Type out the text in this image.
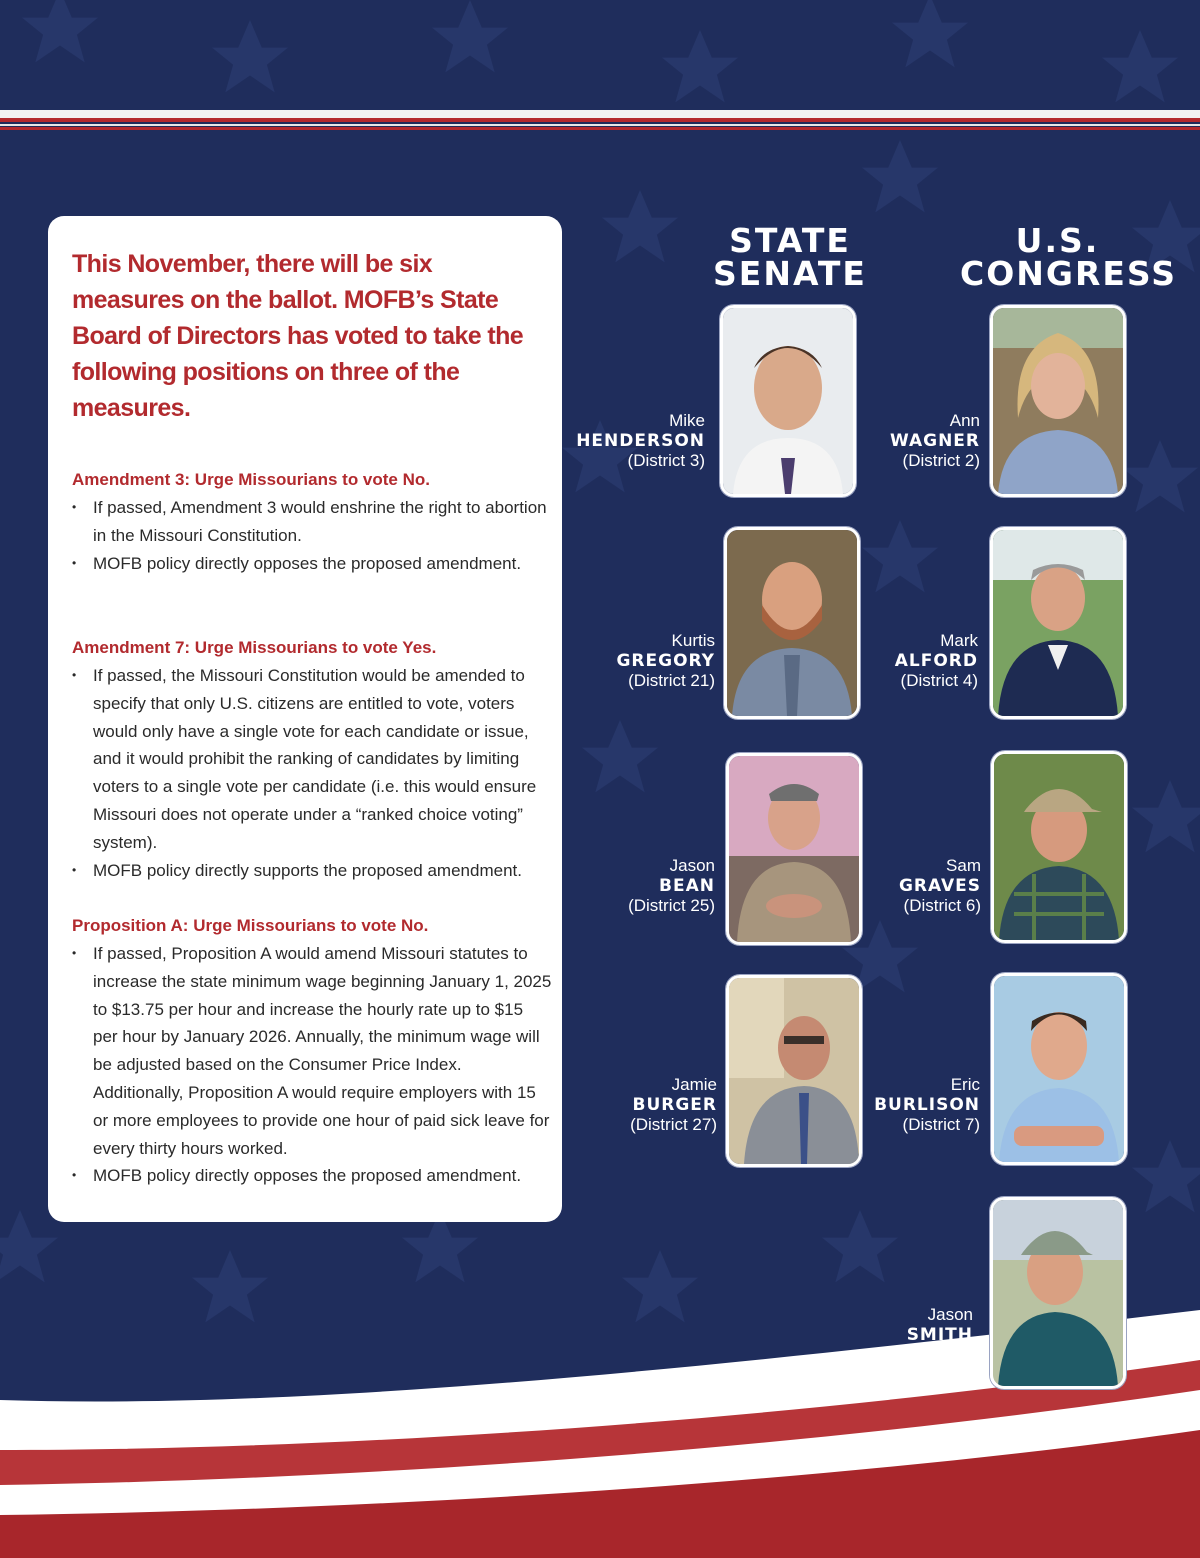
This November, there will be six measures on the ballot. MOFB’s State Board of Directors has voted to take the following positions on three of the measures.

Amendment 3: Urge Missourians to vote No.
• If passed, Amendment 3 would enshrine the right to abortion in the Missouri Constitution.
• MOFB policy directly opposes the proposed amendment.
Amendment 7: Urge Missourians to vote Yes.
• If passed, the Missouri Constitution would be amended to specify that only U.S. citizens are entitled to vote, voters would only have a single vote for each candidate or issue, and it would prohibit the ranking of candidates by limiting voters to a single vote per candidate (i.e. this would ensure Missouri does not operate under a “ranked choice voting” system).
• MOFB policy directly supports the proposed amendment.
Proposition A: Urge Missourians to vote No.
• If passed, Proposition A would amend Missouri statutes to increase the state minimum wage beginning January 1, 2025 to $13.75 per hour and increase the hourly rate up to $15 per hour by January 2026. Annually, the minimum wage will be adjusted based on the Consumer Price Index. Additionally, Proposition A would require employers with 15 or more employees to provide one hour of paid sick leave for every thirty hours worked.
• MOFB policy directly opposes the proposed amendment.
STATE
SENATE
U.S.
CONGRESS
Mike
HENDERSON
(District 3)
Kurtis
GREGORY
(District 21)
Jason
BEAN
(District 25)
Jamie
BURGER
(District 27)
Ann
WAGNER
(District 2)
Mark
ALFORD
(District 4)
Sam
GRAVES
(District 6)
Eric
BURLISON
(District 7)
Jason
SMITH
(District 8)
